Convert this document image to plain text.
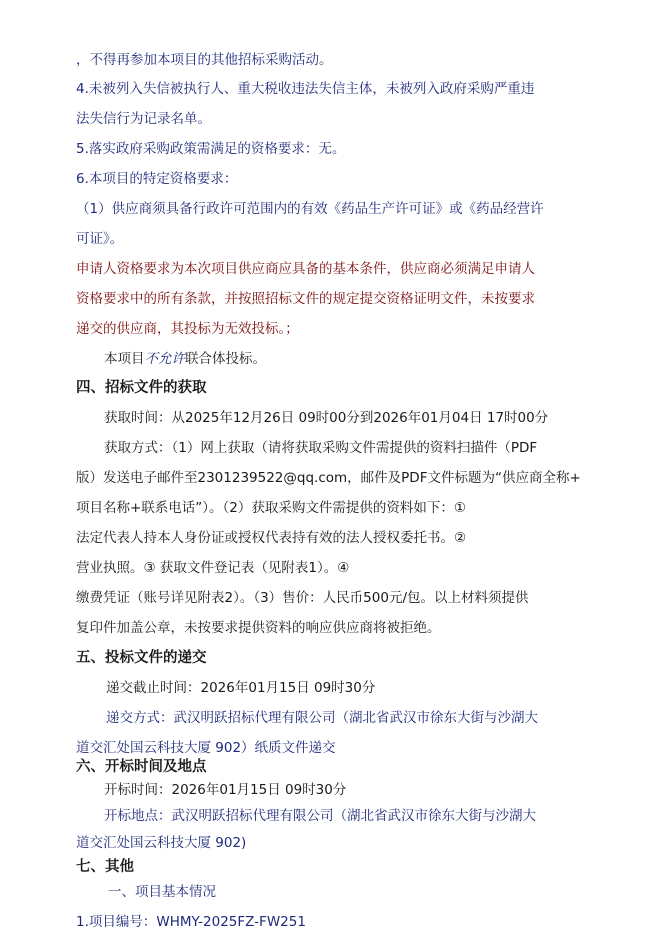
，不得再参加本项目的其他招标采购活动。
4.未被列入失信被执行人、重大税收违法失信主体，未被列入政府采购严重违
法失信行为记录名单。
5.落实政府采购政策需满足的资格要求：无。
6.本项目的特定资格要求：
（1）供应商须具备行政许可范围内的有效《药品生产许可证》或《药品经营许
可证》。
申请人资格要求为本次项目供应商应具备的基本条件，供应商必须满足申请人
资格要求中的所有条款，并按照招标文件的规定提交资格证明文件，未按要求
递交的供应商，其投标为无效投标。；
本项目不允许联合体投标。
四、招标文件的获取
获取时间：从2025年12月26日 09时00分到2026年01月04日 17时00分
获取方式：（1）网上获取（请将获取采购文件需提供的资料扫描件（PDF
版）发送电子邮件至2301239522@qq.com，邮件及PDF文件标题为“供应商全称+
项目名称+联系电话”）。（2）获取采购文件需提供的资料如下：①
法定代表人持本人身份证或授权代表持有效的法人授权委托书。②
营业执照。③ 获取文件登记表（见附表1）。④
缴费凭证（账号详见附表2）。（3）售价：人民币500元/包。以上材料须提供
复印件加盖公章，未按要求提供资料的响应供应商将被拒绝。
五、投标文件的递交
递交截止时间：2026年01月15日 09时30分
递交方式：武汉明跃招标代理有限公司（湖北省武汉市徐东大街与沙湖大
道交汇处国云科技大厦 902）纸质文件递交
六、开标时间及地点
开标时间：2026年01月15日 09时30分
开标地点：武汉明跃招标代理有限公司（湖北省武汉市徐东大街与沙湖大
道交汇处国云科技大厦 902)
七、其他
一、项目基本情况
1.项目编号：WHMY-2025FZ-FW251
